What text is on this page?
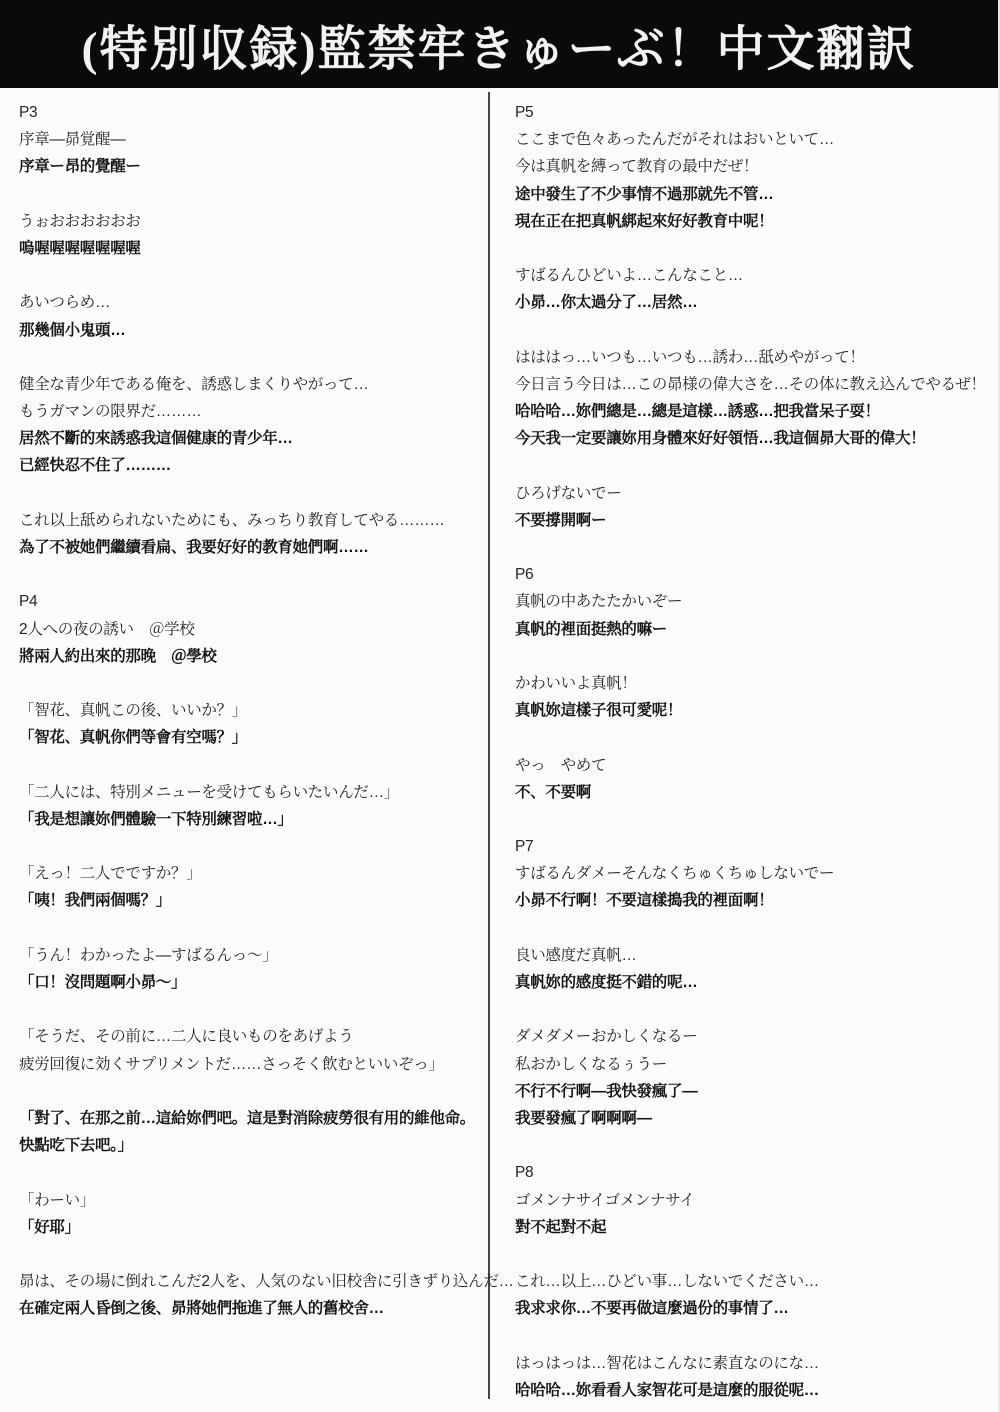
(特別収録)監禁牢きゅーぶ！中文翻訳
P3
序章—昴覚醒—
序章ー昂的覺醒ー

うぉおおおおおお
嗚喔喔喔喔喔喔喔

あいつらめ…
那幾個小鬼頭…

健全な青少年である俺を、誘惑しまくりやがって…
もうガマンの限界だ………
居然不斷的來誘惑我這個健康的青少年…
已經快忍不住了………

これ以上舐められないためにも、みっちり教育してやる………
為了不被她們繼續看扁、我要好好的教育她們啊……

P4
2人への夜の誘い　＠学校
將兩人約出來的那晚　＠學校

「智花、真帆この後、いいか？」
「智花、真帆你們等會有空嗎？」

「二人には、特別メニューを受けてもらいたいんだ…」
「我是想讓妳們體驗一下特別練習啦…」

「えっ！二人でですか？」
「咦！我們兩個嗎？」

「うん！わかったよ—すばるんっ～」
「口！沒問題啊小昴～」

「そうだ、その前に…二人に良いものをあげよう
疲労回復に効くサプリメントだ……さっそく飲むといいぞっ」

「對了、在那之前…這給妳們吧。這是對消除疲勞很有用的維他命。
快點吃下去吧。」

「わーい」
「好耶」

昴は、その場に倒れこんだ2人を、人気のない旧校舎に引きずり込んだ…
在確定兩人昏倒之後、昴將她們拖進了無人的舊校舍…
P5
ここまで色々あったんだがそれはおいといて…
今は真帆を縛って教育の最中だぜ！
途中發生了不少事情不過那就先不管…
現在正在把真帆綁起來好好教育中呢！

すばるんひどいよ…こんなこと…
小昴…你太過分了…居然…

はははっ…いつも…いつも…誘わ…舐めやがって！
今日言う今日は…この昴様の偉大さを…その体に教え込んでやるぜ！
哈哈哈…妳們總是…總是這樣…誘惑…把我當呆子耍！
今天我一定要讓妳用身體來好好領悟…我這個昴大哥的偉大！

ひろげないでー
不要撐開啊ー

P6
真帆の中あたたかいぞー
真帆的裡面挺熱的嘛ー

かわいいよ真帆！
真帆妳這樣子很可愛呢！

やっ　やめて
不、不要啊

P7
すばるんダメーそんなくちゅくちゅしないでー
小昴不行啊！不要這樣搗我的裡面啊！

良い感度だ真帆…
真帆妳的感度挺不錯的呢…

ダメダメーおかしくなるー
私おかしくなるぅうー
不行不行啊—我快發瘋了—
我要發瘋了啊啊啊—

P8
ゴメンナサイゴメンナサイ
對不起對不起

これ…以上…ひどい事…しないでください…
我求求你…不要再做這麼過份的事情了…

はっはっは…智花はこんなに素直なのにな…
哈哈哈…妳看看人家智花可是這麼的服從呢…
